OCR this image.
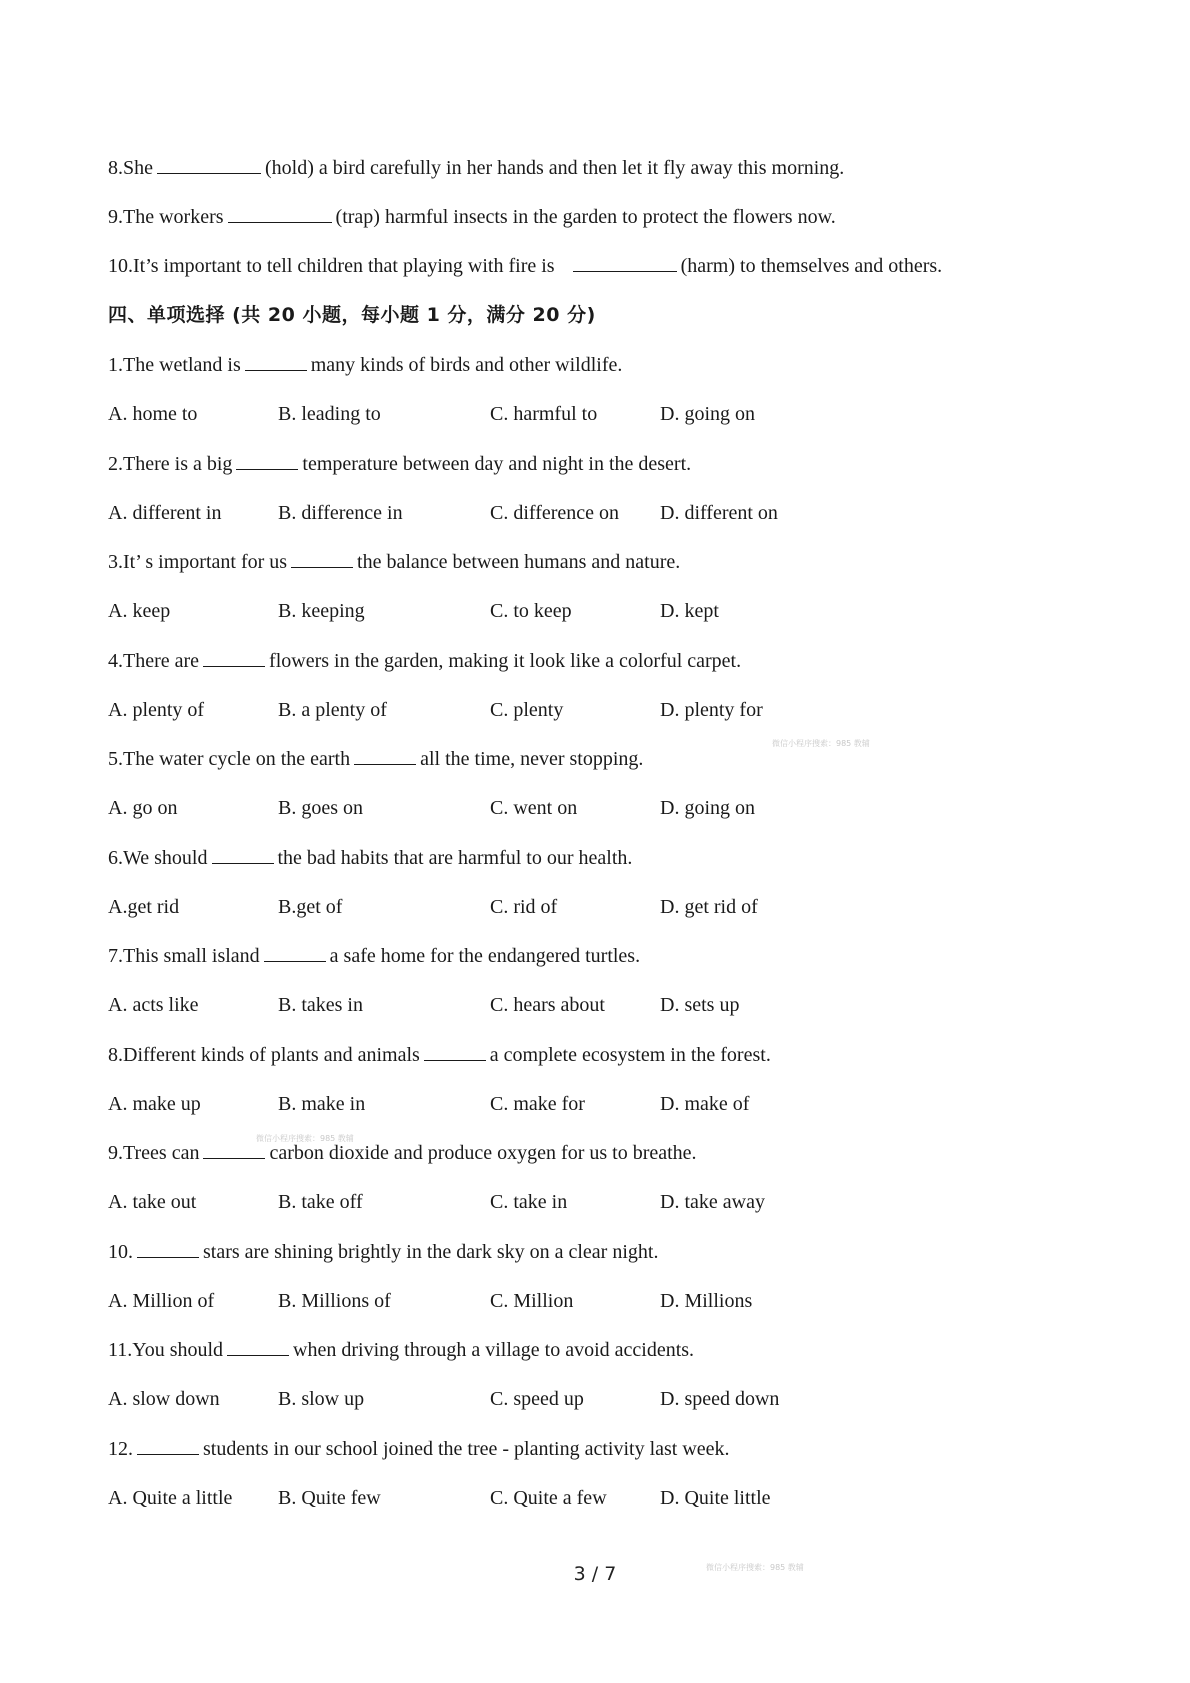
8.She	(hold) a bird carefully in her hands and then let it fly away this morning.
9.The workers	(trap) harmful insects in the garden to protect the flowers now.
10.It’s important to tell children that playing with fire is	(harm) to themselves and others.
四、单项选择 (共 20 小题，每小题 1 分，满分 20 分)
1.The wetland is	many kinds of birds and other wildlife.
A. home to	B. leading to	C. harmful to	D. going on
2.There is a big	temperature between day and night in the desert.
A. different in	B. difference in	C. difference on D. different on
3.It’ s important for us	the balance between humans and nature.
A. keep	B. keeping	C. to keep	D. kept
4.There are	flowers in the garden, making it look like a colorful carpet.
A. plenty of	B. a plenty of	C. plenty	D. plenty for
5.The water cycle on the earth	all the time, never stopping.
A. go on	B. goes on	C. went on	D. going on
6.We should	the bad habits that are harmful to our health.
A.get rid	B.get of	C. rid of	D. get rid of
7.This small island	a safe home for the endangered turtles.
A. acts like	B. takes in	C. hears about	D. sets up
8.Different kinds of plants and animals	a complete ecosystem in the forest.
A. make up	B. make in	C. make for	D. make of
9.Trees can	carbon dioxide and produce oxygen for us to breathe.
A. take out	B. take off	C. take in	D. take away
10.	stars are shining brightly in the dark sky on a clear night.
A. Million of	B. Millions of	C. Million	D. Millions
11.You should	when driving through a village to avoid accidents.
A. slow down	B. slow up	C. speed up	D. speed down
12.	students in our school joined the tree - planting activity last week.
A. Quite a little B. Quite few	C. Quite a few	D. Quite little
3 / 7
微信小程序搜索：985 教辅
微信小程序搜索：985 教辅
微信小程序搜索：985 教辅
